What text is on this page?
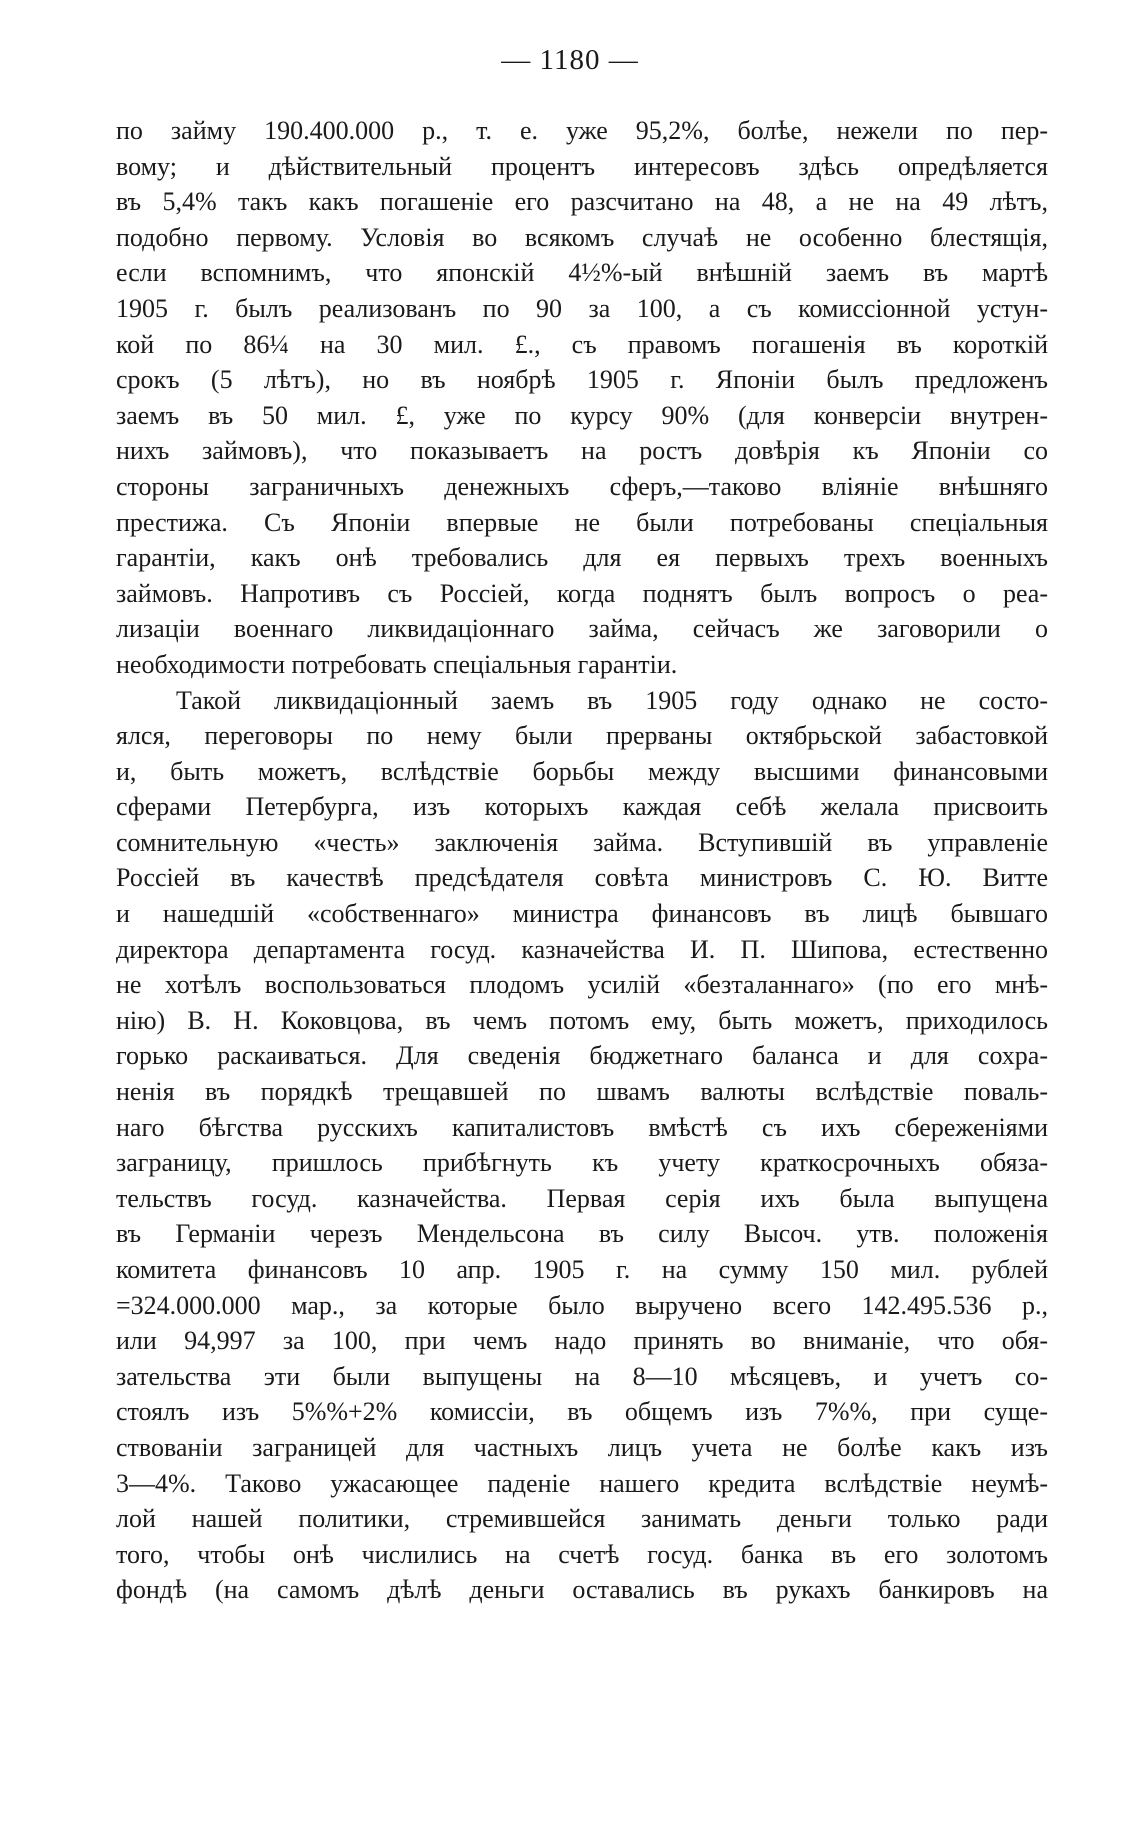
— 1180 —
по займу 190.400.000 р., т. е. уже 95,2%, болѣе, нежели по пер-
вому; и дѣйствительный процентъ интересовъ здѣсь опредѣляется
въ 5,4% такъ какъ погашеніе его разсчитано на 48, а не на 49 лѣтъ,
подобно первому. Условія во всякомъ случаѣ не особенно блестящія,
если вспомнимъ, что японскій 4½%-ый внѣшній заемъ въ мартѣ
1905 г. былъ реализованъ по 90 за 100, а съ комиссіонной устун-
кой по 86¼ на 30 мил. £., съ правомъ погашенія въ короткій
срокъ (5 лѣтъ), но въ ноябрѣ 1905 г. Японіи былъ предложенъ
заемъ въ 50 мил. £, уже по курсу 90% (для конверсіи внутрен-
нихъ займовъ), что показываетъ на ростъ довѣрія къ Японіи со
стороны заграничныхъ денежныхъ сферъ,—таково вліяніе внѣшняго
престижа. Съ Японіи впервые не были потребованы спеціальныя
гарантіи, какъ онѣ требовались для ея первыхъ трехъ военныхъ
займовъ. Напротивъ съ Россіей, когда поднятъ былъ вопросъ о реа-
лизаціи военнаго ликвидаціоннаго займа, сейчасъ же заговорили о
необходимости потребовать спеціальныя гарантіи.
Такой ликвидаціонный заемъ въ 1905 году однако не состо-
ялся, переговоры по нему были прерваны октябрьской забастовкой
и, быть можетъ, вслѣдствіе борьбы между высшими финансовыми
сферами Петербурга, изъ которыхъ каждая себѣ желала присвоить
сомнительную «честь» заключенія займа. Вступившій въ управленіе
Россіей въ качествѣ предсѣдателя совѣта министровъ С. Ю. Витте
и нашедшій «собственнаго» министра финансовъ въ лицѣ бывшаго
директора департамента госуд. казначейства И. П. Шипова, естественно
не хотѣлъ воспользоваться плодомъ усилій «безталаннаго» (по его мнѣ-
нію) В. Н. Коковцова, въ чемъ потомъ ему, быть можетъ, приходилось
горько раскаиваться. Для сведенія бюджетнаго баланса и для сохра-
ненія въ порядкѣ трещавшей по швамъ валюты вслѣдствіе поваль-
наго бѣгства русскихъ капиталистовъ вмѣстѣ съ ихъ сбереженіями
заграницу, пришлось прибѣгнуть къ учету краткосрочныхъ обяза-
тельствъ госуд. казначейства. Первая серія ихъ была выпущена
въ Германіи черезъ Мендельсона въ силу Высоч. утв. положенія
комитета финансовъ 10 апр. 1905 г. на сумму 150 мил. рублей
=324.000.000 мар., за которые было выручено всего 142.495.536 р.,
или 94,997 за 100, при чемъ надо принять во вниманіе, что обя-
зательства эти были выпущены на 8—10 мѣсяцевъ, и учетъ со-
стоялъ изъ 5%%+2% комиссіи, въ общемъ изъ 7%%, при суще-
ствованіи заграницей для частныхъ лицъ учета не болѣе какъ изъ
3—4%. Таково ужасающее паденіе нашего кредита вслѣдствіе неумѣ-
лой нашей политики, стремившейся занимать деньги только ради
того, чтобы онѣ числились на счетѣ госуд. банка въ его золотомъ
фондѣ (на самомъ дѣлѣ деньги оставались въ рукахъ банкировъ на
